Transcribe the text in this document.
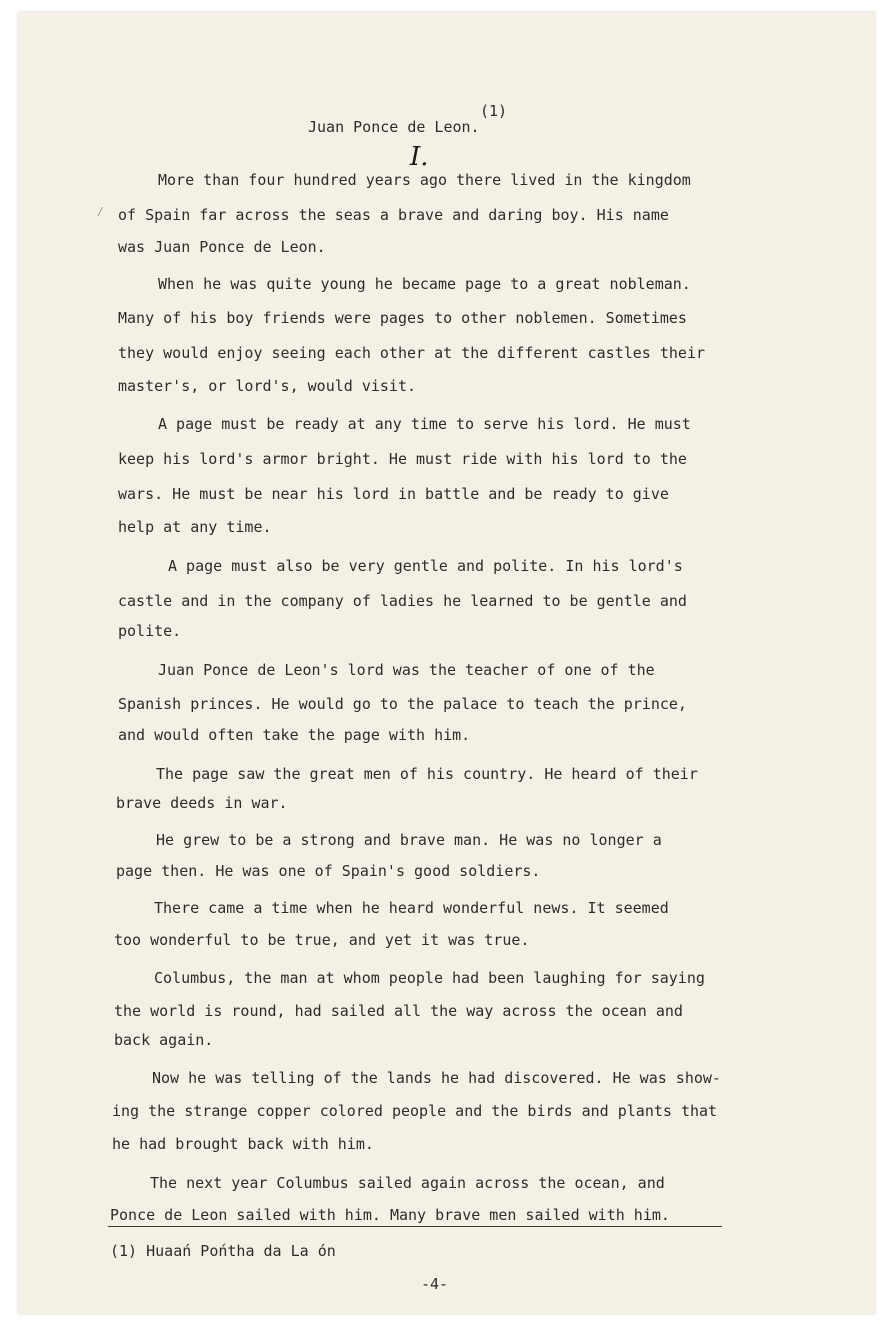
(1)
Juan Ponce de Leon.
I.
⁄
More than four hundred years ago there lived in the kingdom
of Spain far across the seas a brave and daring boy. His name
was Juan Ponce de Leon.
When he was quite young he became page to a great nobleman.
Many of his boy friends were pages to other noblemen. Sometimes
they would enjoy seeing each other at the different castles their
master's, or lord's, would visit.
A page must be ready at any time to serve his lord. He must
keep his lord's armor bright. He must ride with his lord to the
wars. He must be near his lord in battle and be ready to give
help at any time.
A page must also be very gentle and polite. In his lord's
castle and in the company of ladies he learned to be gentle and
polite.
Juan Ponce de Leon's lord was the teacher of one of the
Spanish princes. He would go to the palace to teach the prince,
and would often take the page with him.
The page saw the great men of his country. He heard of their
brave deeds in war.
He grew to be a strong and brave man. He was no longer a
page then. He was one of Spain's good soldiers.
There came a time when he heard wonderful news. It seemed
too wonderful to be true, and yet it was true.
Columbus, the man at whom people had been laughing for saying
the world is round, had sailed all the way across the ocean and
back again.
Now he was telling of the lands he had discovered. He was show-
ing the strange copper colored people and the birds and plants that
he had brought back with him.
The next year Columbus sailed again across the ocean, and
Ponce de Leon sailed with him. Many brave men sailed with him.
(1) Huaań Pońtha da La ón
-4-
